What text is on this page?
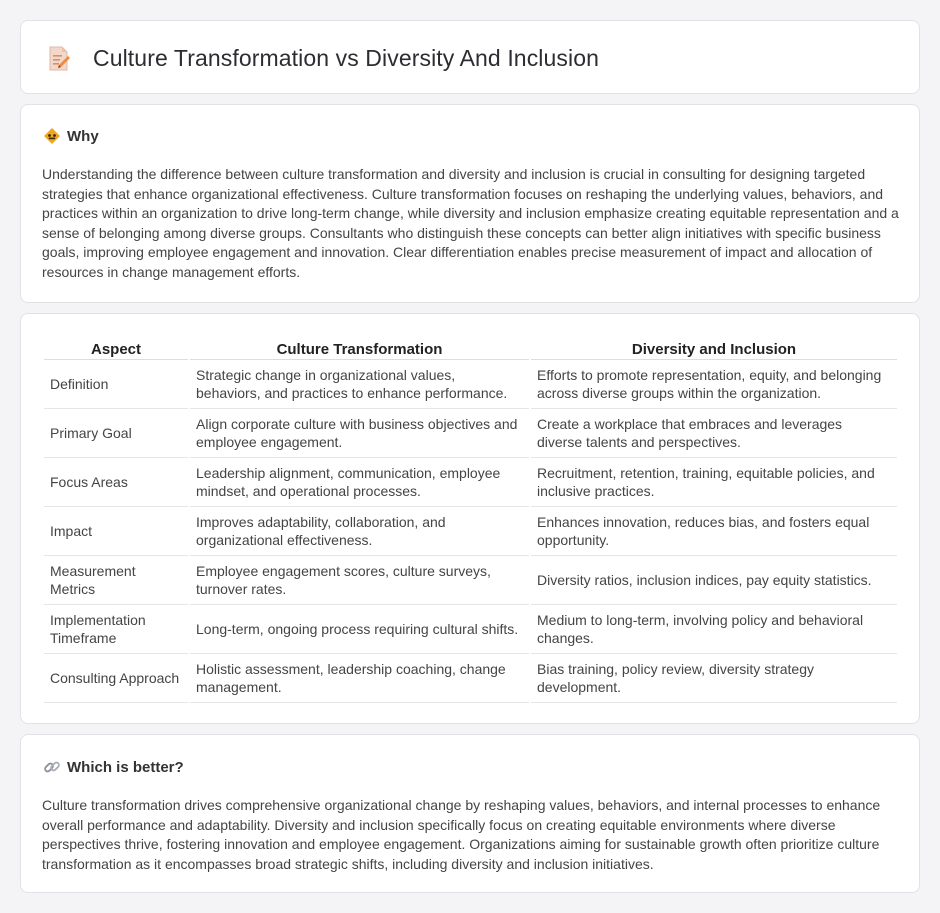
Culture Transformation vs Diversity And Inclusion
Why

Understanding the difference between culture transformation and diversity and inclusion is crucial in consulting for designing targeted strategies that enhance organizational effectiveness. Culture transformation focuses on reshaping the underlying values, behaviors, and practices within an organization to drive long-term change, while diversity and inclusion emphasize creating equitable representation and a sense of belonging among diverse groups. Consultants who distinguish these concepts can better align initiatives with specific business goals, improving employee engagement and innovation. Clear differentiation enables precise measurement of impact and allocation of resources in change management efforts.

Aspect	Culture Transformation	Diversity and Inclusion
Definition	Strategic change in organizational values, behaviors, and practices to enhance performance.	Efforts to promote representation, equity, and belonging across diverse groups within the organization.
Primary Goal	Align corporate culture with business objectives and employee engagement.	Create a workplace that embraces and leverages diverse talents and perspectives.
Focus Areas	Leadership alignment, communication, employee mindset, and operational processes.	Recruitment, retention, training, equitable policies, and inclusive practices.
Impact	Improves adaptability, collaboration, and organizational effectiveness.	Enhances innovation, reduces bias, and fosters equal opportunity.
Measurement Metrics	Employee engagement scores, culture surveys, turnover rates.	Diversity ratios, inclusion indices, pay equity statistics.
Implementation Timeframe	Long-term, ongoing process requiring cultural shifts.	Medium to long-term, involving policy and behavioral changes.
Consulting Approach	Holistic assessment, leadership coaching, change management.	Bias training, policy review, diversity strategy development.
Which is better?

Culture transformation drives comprehensive organizational change by reshaping values, behaviors, and internal processes to enhance overall performance and adaptability. Diversity and inclusion specifically focus on creating equitable environments where diverse perspectives thrive, fostering innovation and employee engagement. Organizations aiming for sustainable growth often prioritize culture transformation as it encompasses broad strategic shifts, including diversity and inclusion initiatives.
